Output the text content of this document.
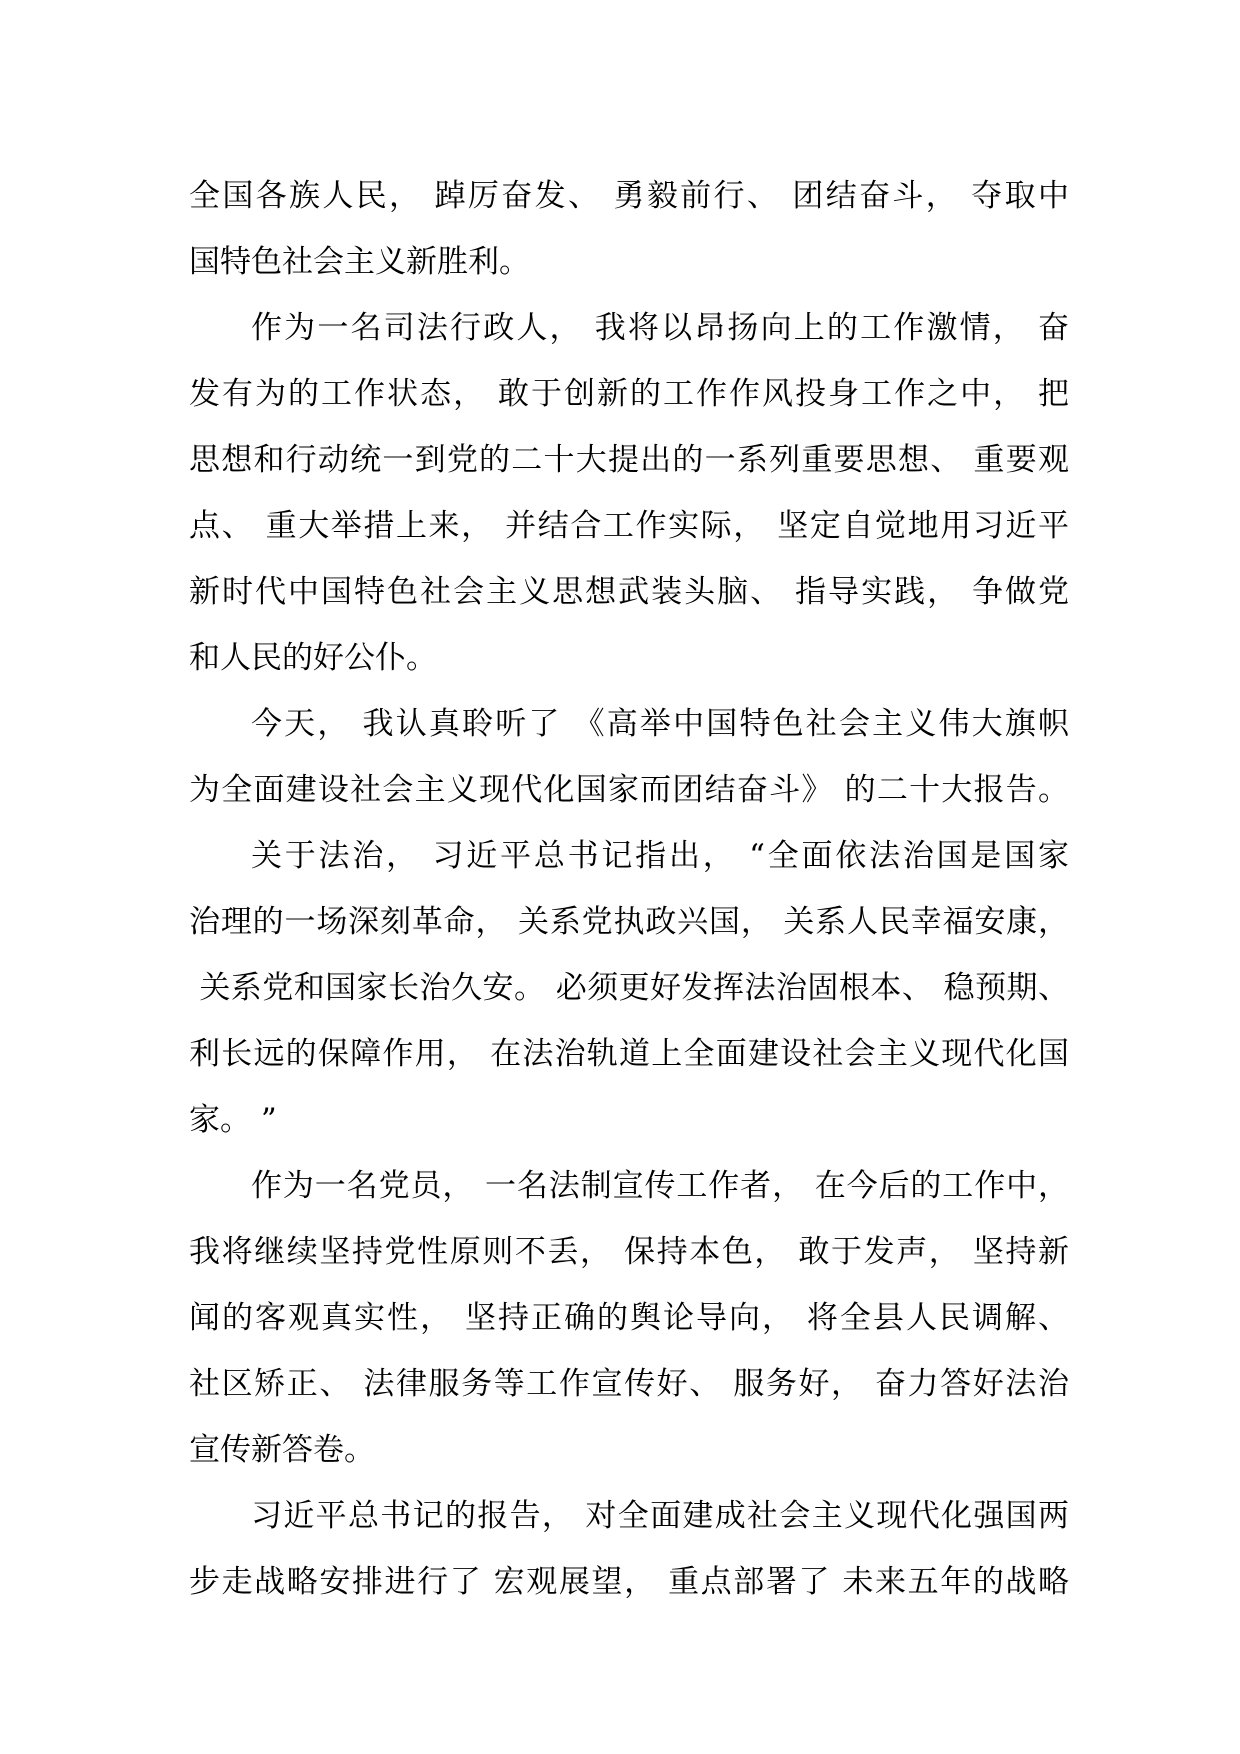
全国各族人民， 踔厉奋发、 勇毅前行、 团结奋斗， 夺取中
国特色社会主义新胜利。
作为一名司法行政人， 我将以昂扬向上的工作激情， 奋
发有为的工作状态， 敢于创新的工作作风投身工作之中， 把
思想和行动统一到党的二十大提出的一系列重要思想、 重要观
点、 重大举措上来， 并结合工作实际， 坚定自觉地用习近平
新时代中国特色社会主义思想武装头脑、 指导实践， 争做党
和人民的好公仆。
今天， 我认真聆听了 《高举中国特色社会主义伟大旗帜
为全面建设社会主义现代化国家而团结奋斗》 的二十大报告。
关于法治， 习近平总书记指出， “全面依法治国是国家
治理的一场深刻革命， 关系党执政兴国， 关系人民幸福安康，
关系党和国家长治久安。 必须更好发挥法治固根本、 稳预期、
利长远的保障作用， 在法治轨道上全面建设社会主义现代化国
家。 ”
作为一名党员， 一名法制宣传工作者， 在今后的工作中，
我将继续坚持党性原则不丢， 保持本色， 敢于发声， 坚持新
闻的客观真实性， 坚持正确的舆论导向， 将全县人民调解、
社区矫正、 法律服务等工作宣传好、 服务好， 奋力答好法治
宣传新答卷。
习近平总书记的报告， 对全面建成社会主义现代化强国两
步走战略安排进行了 宏观展望， 重点部署了 未来五年的战略
